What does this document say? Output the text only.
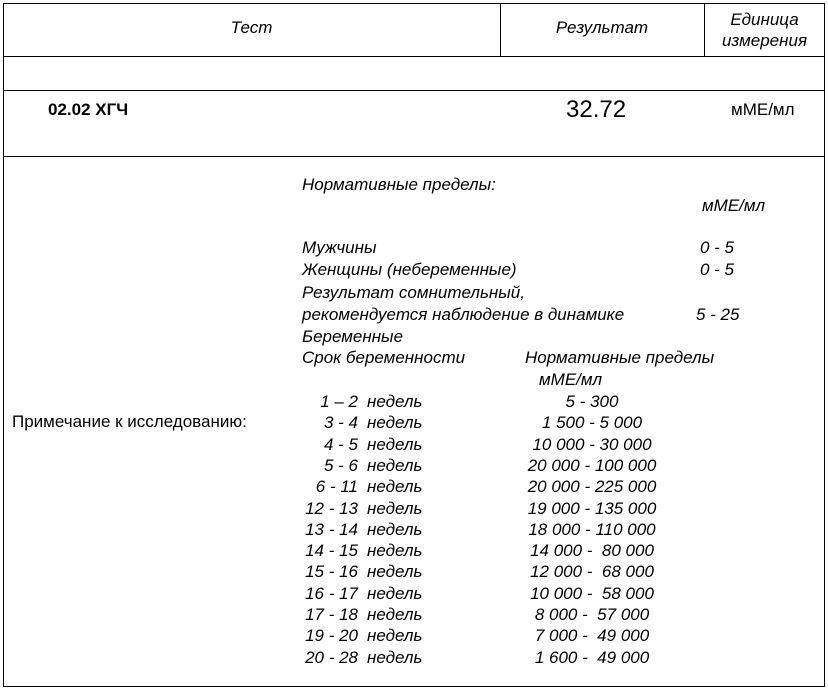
Тест	Результат	Единица
измерения
02.02 ХГЧ	32.72	мМЕ/мл
Примечание к исследованию:
Нормативные пределы:
мМЕ/мл
Мужчины	0 - 5
Женщины (небеременные)	0 - 5
Результат сомнительный,
рекомендуется наблюдение в динамике	5 - 25
Беременные
Срок беременности	Нормативные пределы
мМЕ/мл
1 – 2 недель	5 - 300
3 - 4 недель	1 500 - 5 000
4 - 5 недель	10 000 - 30 000
5 - 6 недель	20 000 - 100 000
6 - 11 недель	20 000 - 225 000
12 - 13 недель	19 000 - 135 000
13 - 14 недель	18 000 - 110 000
14 - 15 недель	14 000 -  80 000
15 - 16 недель	12 000 -  68 000
16 - 17 недель	10 000 -  58 000
17 - 18 недель	8 000 -  57 000
19 - 20 недель	7 000 -  49 000
20 - 28 недель	1 600 -  49 000
